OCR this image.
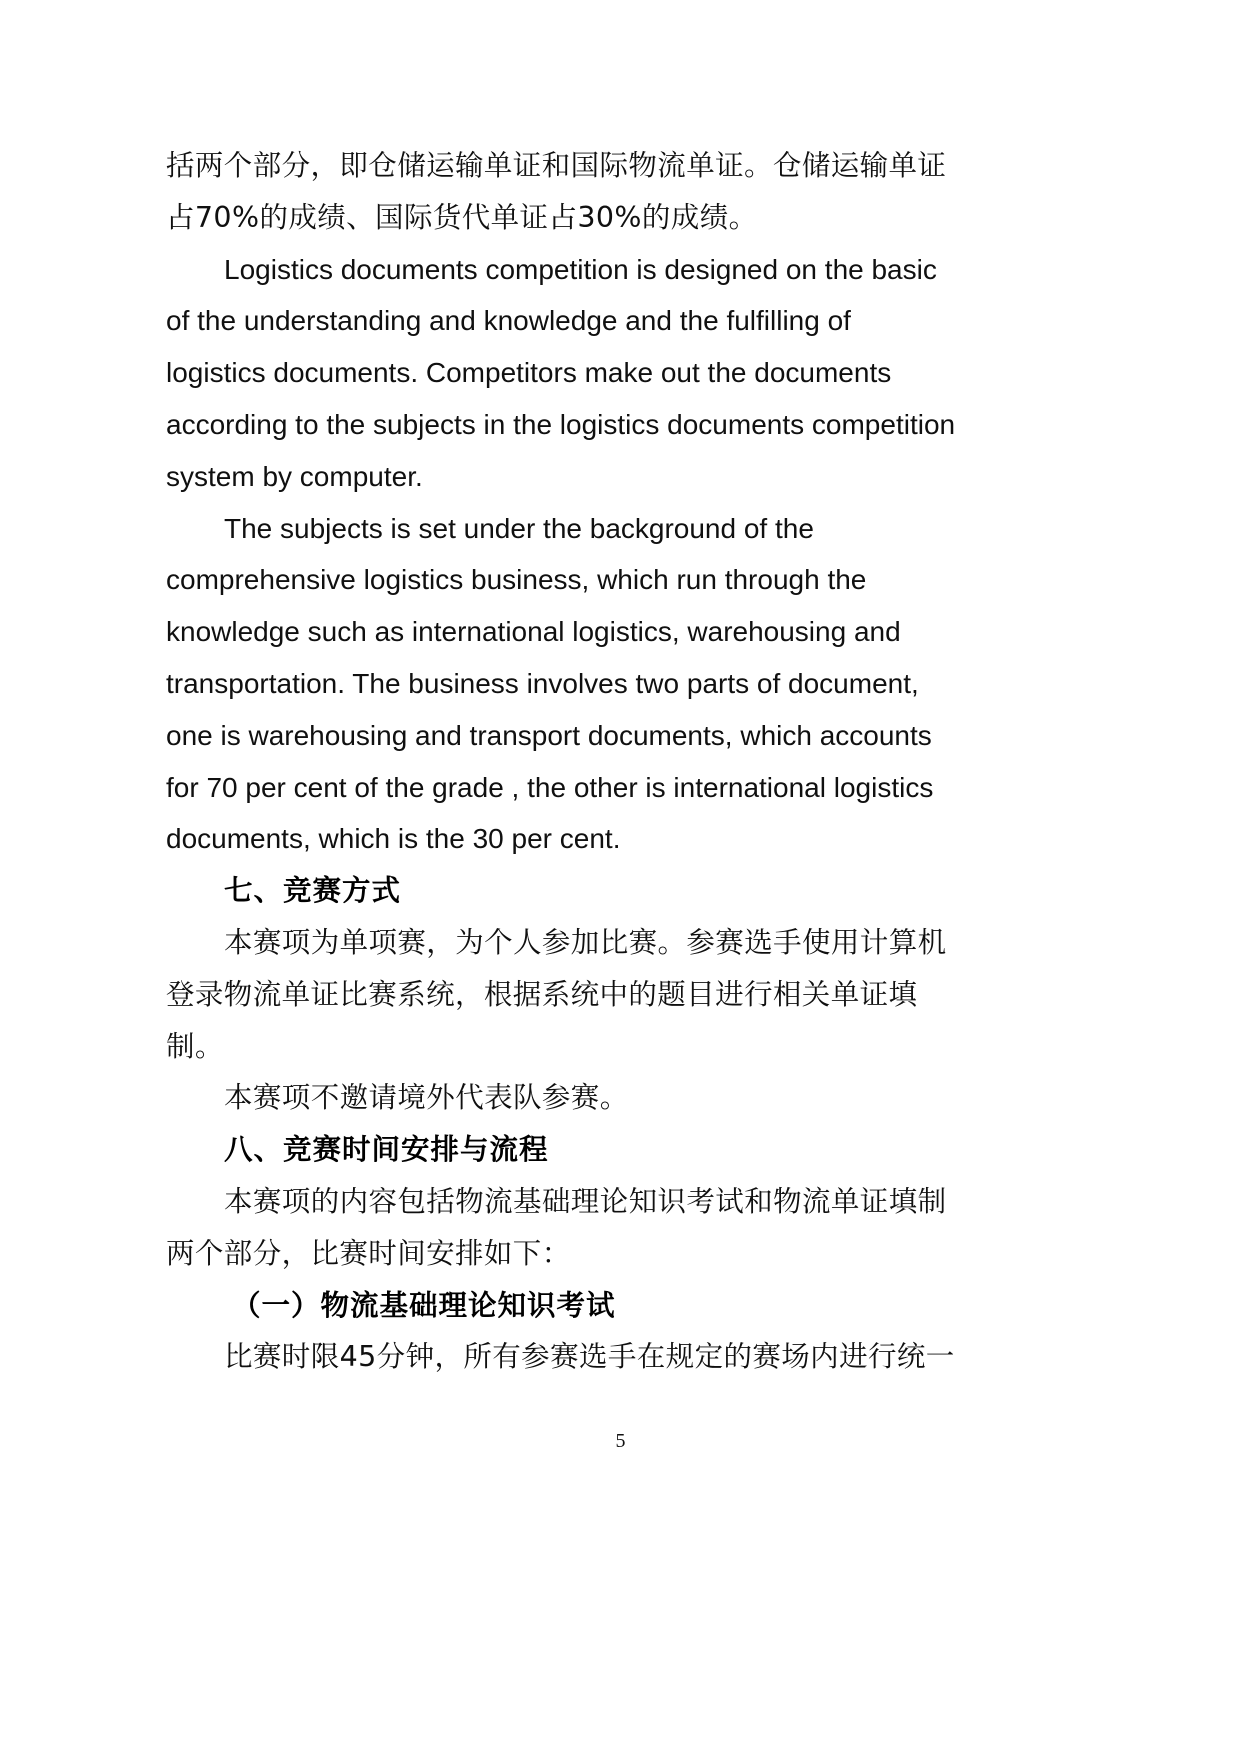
括两个部分，即仓储运输单证和国际物流单证。仓储运输单证占70%的成绩、国际货代单证占30%的成绩。

Logistics documents competition is designed on the basic of the understanding and knowledge and the fulfilling of logistics documents. Competitors make out the documents according to the subjects in the logistics documents competition system by computer.

The subjects is set under the background of the comprehensive logistics business, which run through the knowledge such as international logistics, warehousing and transportation. The business involves two parts of document, one is warehousing and transport documents, which accounts for 70 per cent of the grade , the other is international logistics documents, which is the 30 per cent.

七、竞赛方式

本赛项为单项赛，为个人参加比赛。参赛选手使用计算机登录物流单证比赛系统，根据系统中的题目进行相关单证填制。

本赛项不邀请境外代表队参赛。

八、竞赛时间安排与流程

本赛项的内容包括物流基础理论知识考试和物流单证填制两个部分，比赛时间安排如下：

（一）物流基础理论知识考试

比赛时限45分钟，所有参赛选手在规定的赛场内进行统一

5
